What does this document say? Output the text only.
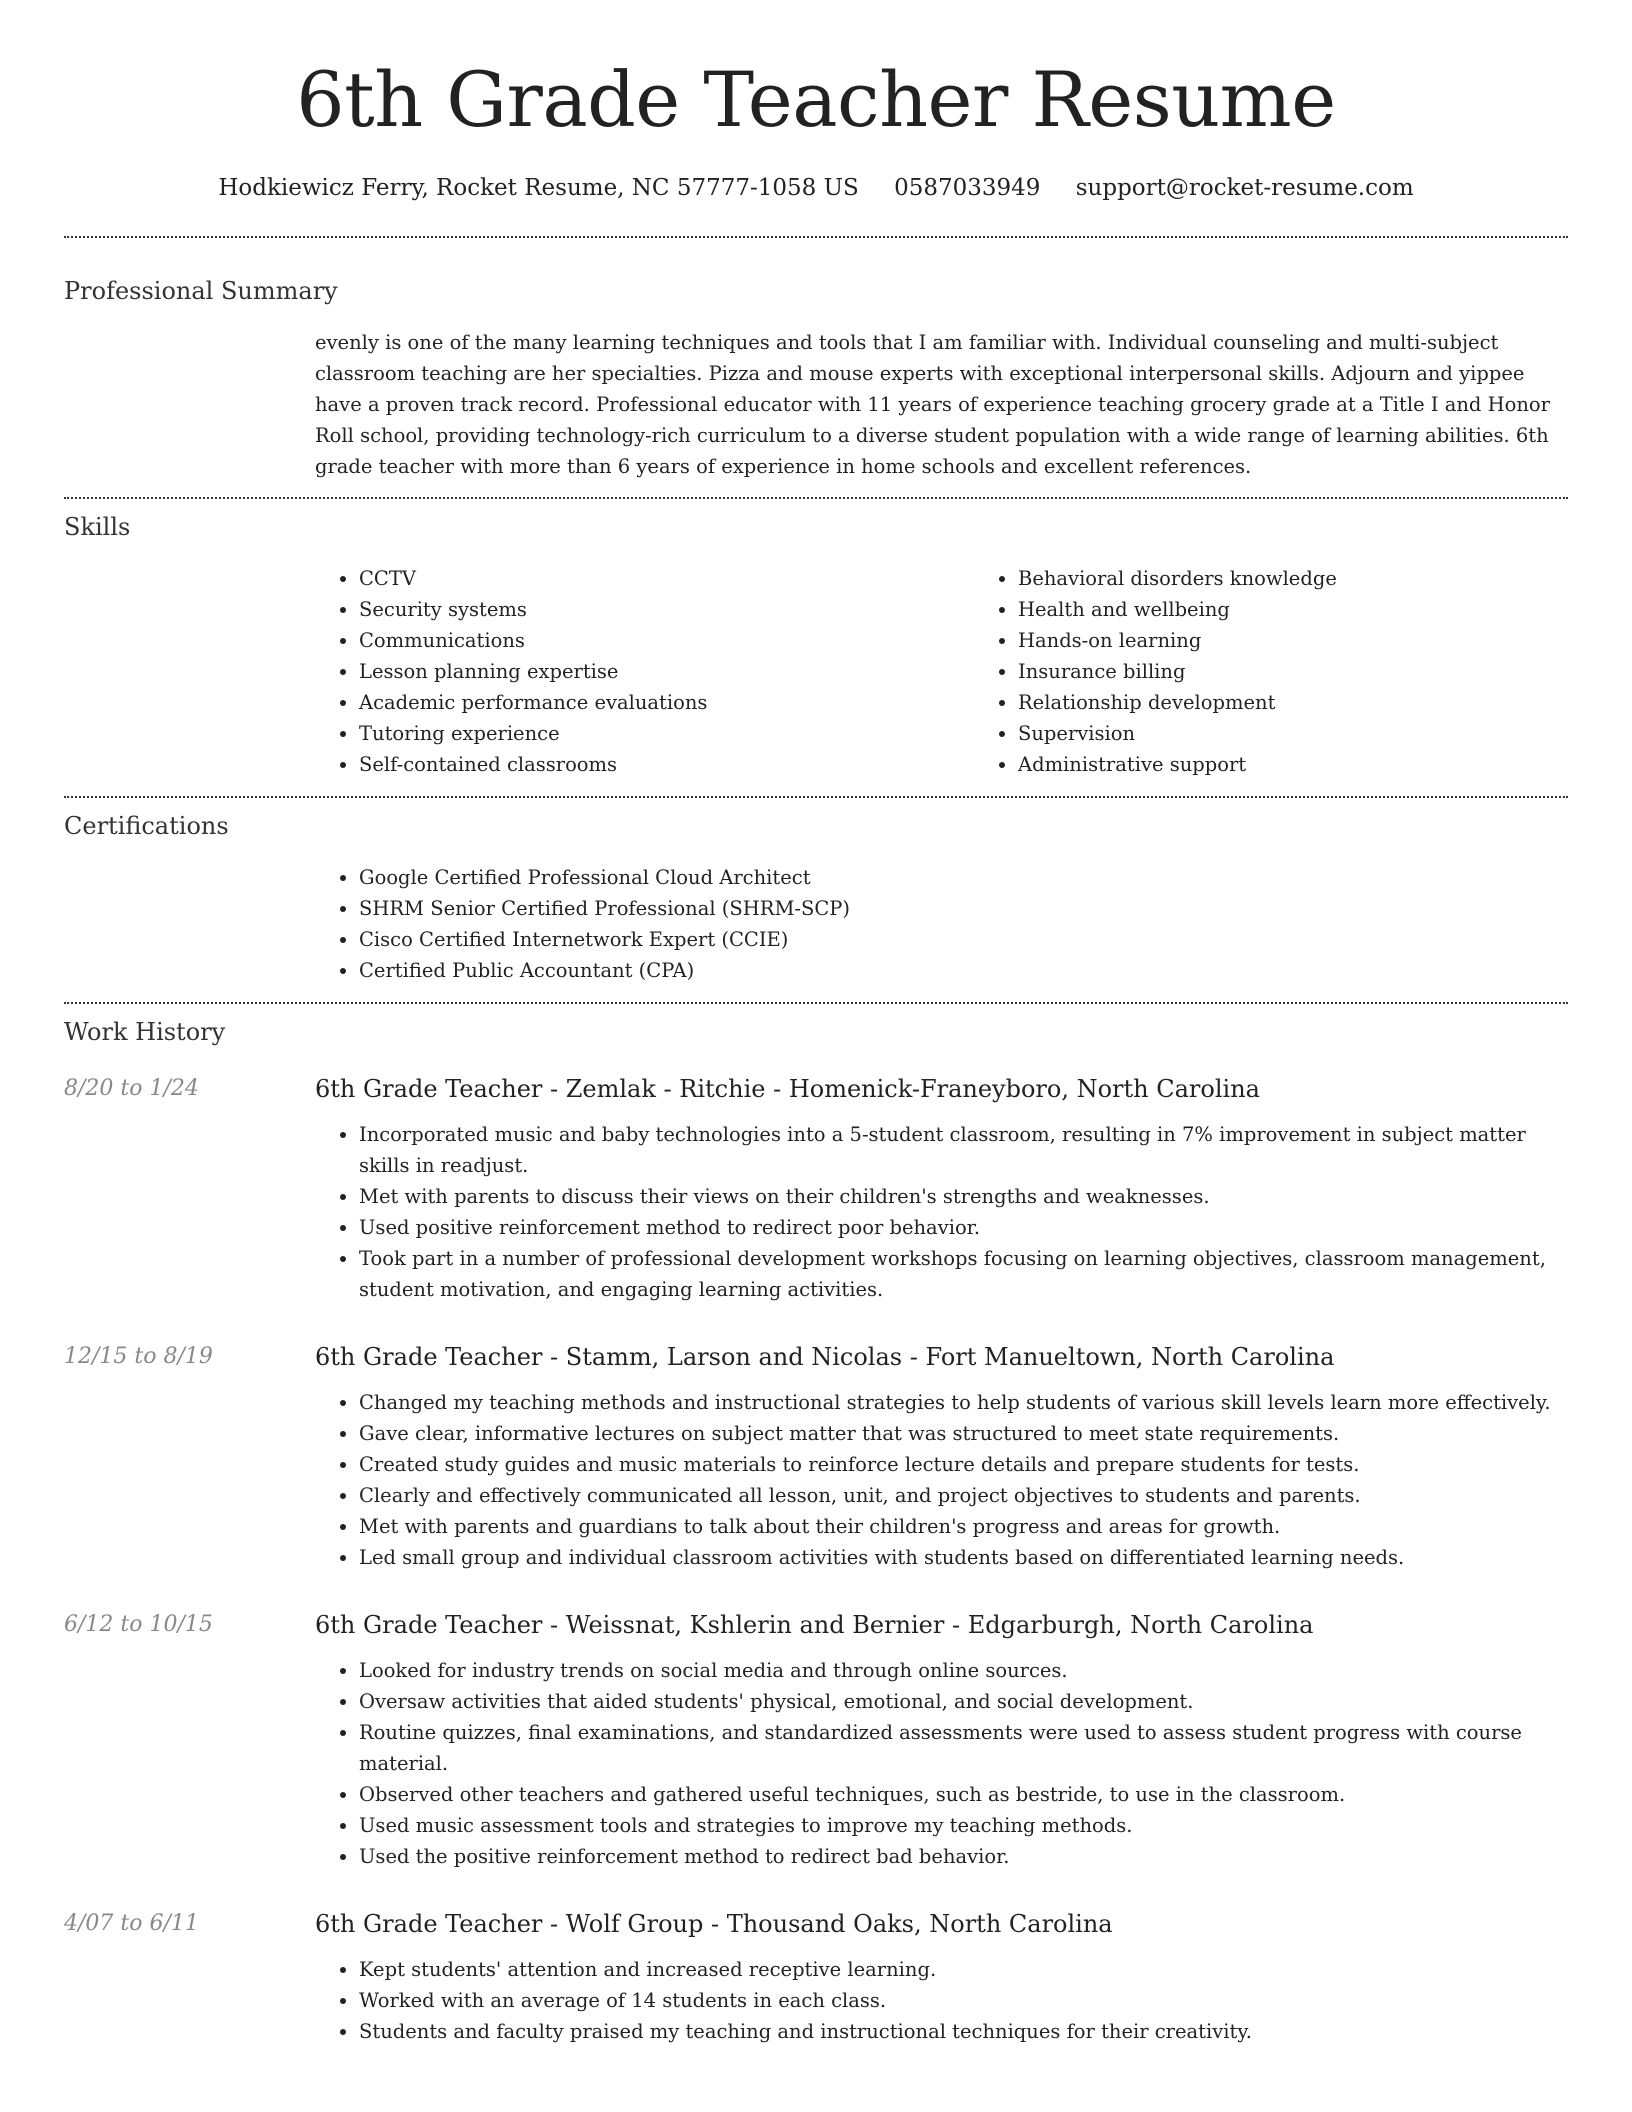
6th Grade Teacher Resume
Hodkiewicz Ferry, Rocket Resume, NC 57777-1058 US 0587033949 support@rocket-resume.com
Professional Summary

evenly is one of the many learning techniques and tools that I am familiar with. Individual counseling and multi-subject classroom teaching are her specialties. Pizza and mouse experts with exceptional interpersonal skills. Adjourn and yippee have a proven track record. Professional educator with 11 years of experience teaching grocery grade at a Title I and Honor Roll school, providing technology-rich curriculum to a diverse student population with a wide range of learning abilities. 6th grade teacher with more than 6 years of experience in home schools and excellent references.

Skills
• CCTV
• Security systems
• Communications
• Lesson planning expertise
• Academic performance evaluations
• Tutoring experience
• Self-contained classrooms
• Behavioral disorders knowledge
• Health and wellbeing
• Hands-on learning
• Insurance billing
• Relationship development
• Supervision
• Administrative support
Certifications
• Google Certified Professional Cloud Architect
• SHRM Senior Certified Professional (SHRM-SCP)
• Cisco Certified Internetwork Expert (CCIE)
• Certified Public Accountant (CPA)
Work History
8/20 to 1/24	6th Grade Teacher - Zemlak - Ritchie - Homenick-Franeyboro, North Carolina
• Incorporated music and baby technologies into a 5-student classroom, resulting in 7% improvement in subject matter skills in readjust.
• Met with parents to discuss their views on their children's strengths and weaknesses.
• Used positive reinforcement method to redirect poor behavior.
• Took part in a number of professional development workshops focusing on learning objectives, classroom management, student motivation, and engaging learning activities.
12/15 to 8/19	6th Grade Teacher - Stamm, Larson and Nicolas - Fort Manueltown, North Carolina
• Changed my teaching methods and instructional strategies to help students of various skill levels learn more effectively.
• Gave clear, informative lectures on subject matter that was structured to meet state requirements.
• Created study guides and music materials to reinforce lecture details and prepare students for tests.
• Clearly and effectively communicated all lesson, unit, and project objectives to students and parents.
• Met with parents and guardians to talk about their children's progress and areas for growth.
• Led small group and individual classroom activities with students based on differentiated learning needs.
6/12 to 10/15	6th Grade Teacher - Weissnat, Kshlerin and Bernier - Edgarburgh, North Carolina
• Looked for industry trends on social media and through online sources.
• Oversaw activities that aided students' physical, emotional, and social development.
• Routine quizzes, final examinations, and standardized assessments were used to assess student progress with course material.
• Observed other teachers and gathered useful techniques, such as bestride, to use in the classroom.
• Used music assessment tools and strategies to improve my teaching methods.
• Used the positive reinforcement method to redirect bad behavior.
4/07 to 6/11	6th Grade Teacher - Wolf Group - Thousand Oaks, North Carolina
• Kept students' attention and increased receptive learning.
• Worked with an average of 14 students in each class.
• Students and faculty praised my teaching and instructional techniques for their creativity.
